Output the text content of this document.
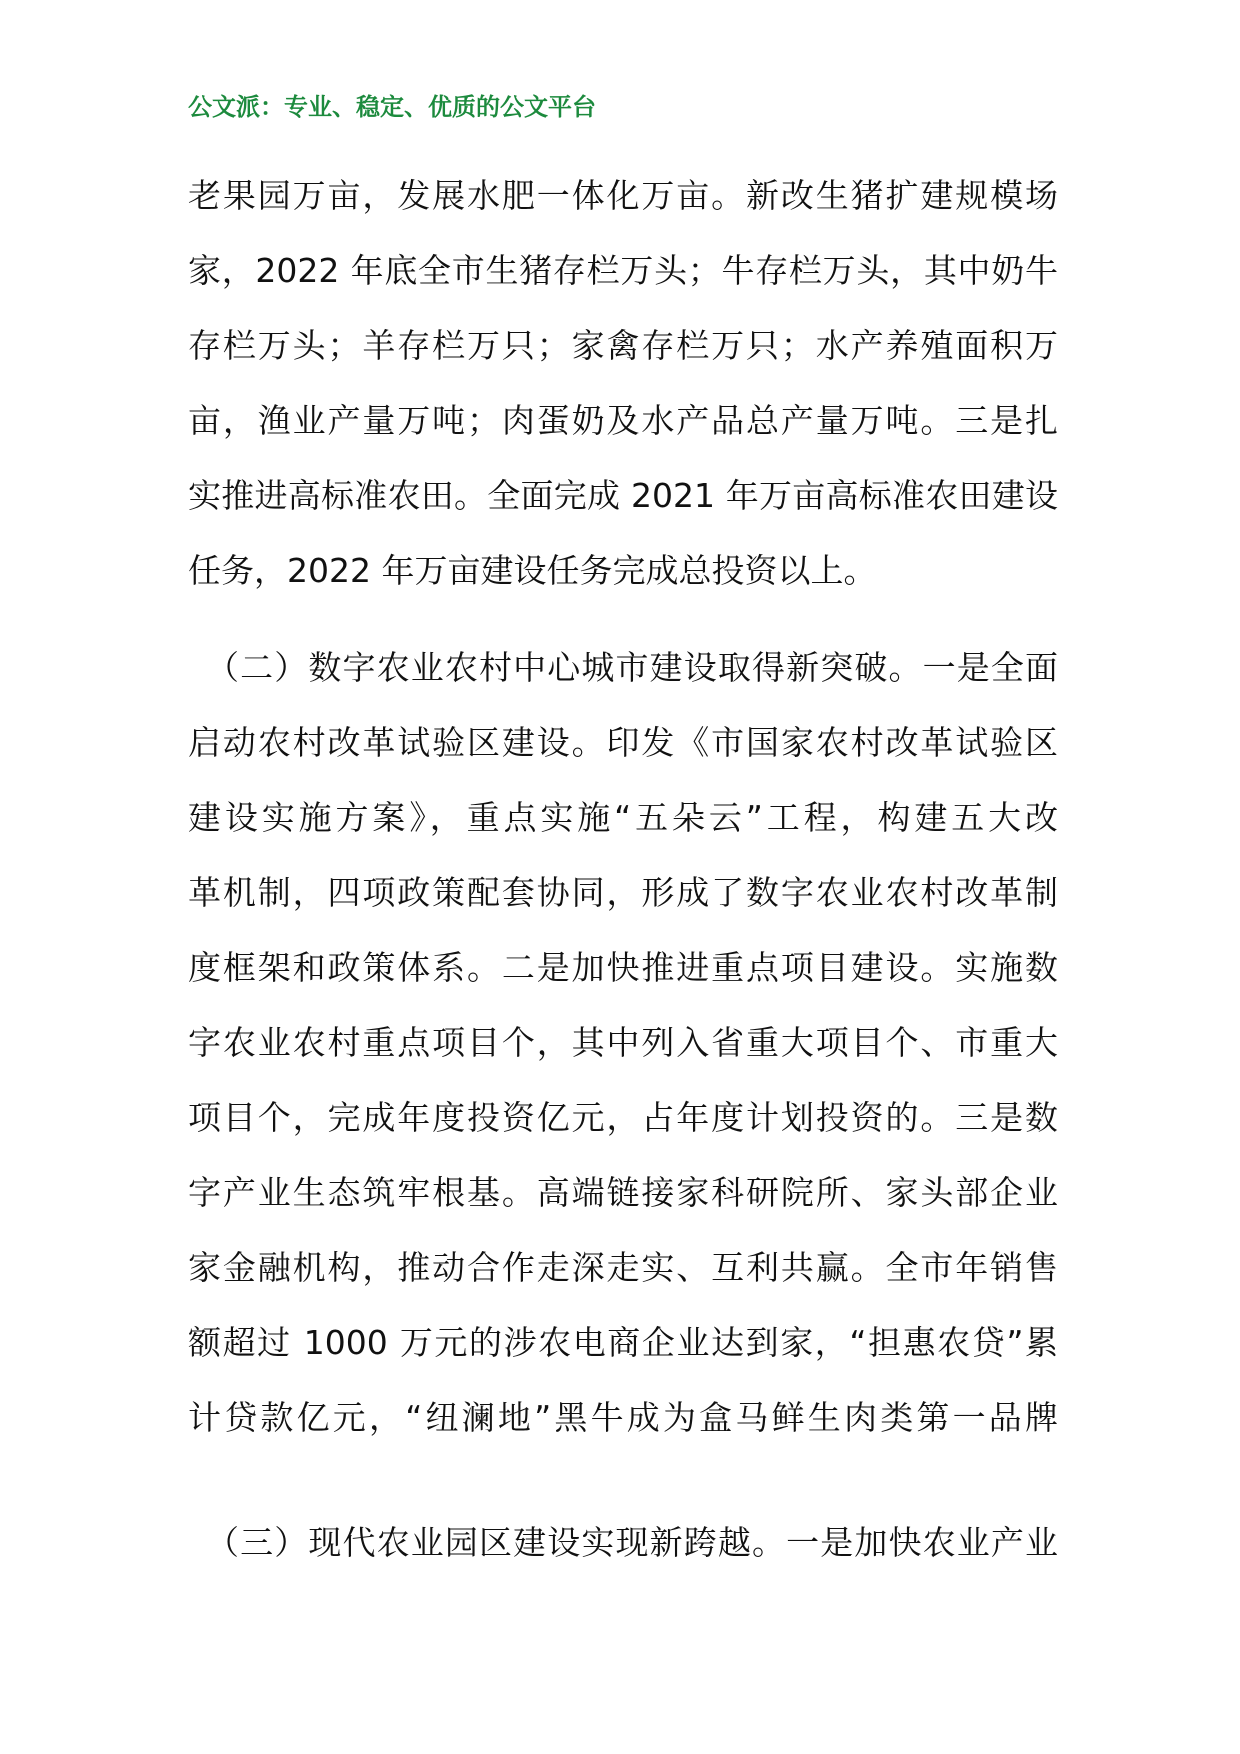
公文派：专业、稳定、优质的公文平台
老果园万亩，发展水肥一体化万亩。新改生猪扩建规模场
家，2022 年底全市生猪存栏万头；牛存栏万头，其中奶牛
存栏万头；羊存栏万只；家禽存栏万只；水产养殖面积万
亩，渔业产量万吨；肉蛋奶及水产品总产量万吨。三是扎
实推进高标准农田。全面完成 2021 年万亩高标准农田建设
任务，2022 年万亩建设任务完成总投资以上。
（二）数字农业农村中心城市建设取得新突破。一是全面
启动农村改革试验区建设。印发《市国家农村改革试验区
建设实施方案》，重点实施“五朵云”工程，构建五大改
革机制，四项政策配套协同，形成了数字农业农村改革制
度框架和政策体系。二是加快推进重点项目建设。实施数
字农业农村重点项目个，其中列入省重大项目个、市重大
项目个，完成年度投资亿元，占年度计划投资的。三是数
字产业生态筑牢根基。高端链接家科研院所、家头部企业
家金融机构，推动合作走深走实、互利共赢。全市年销售
额超过 1000 万元的涉农电商企业达到家，“担惠农贷”累
计贷款亿元，“纽澜地”黑牛成为盒马鲜生肉类第一品牌
（三）现代农业园区建设实现新跨越。一是加快农业产业
